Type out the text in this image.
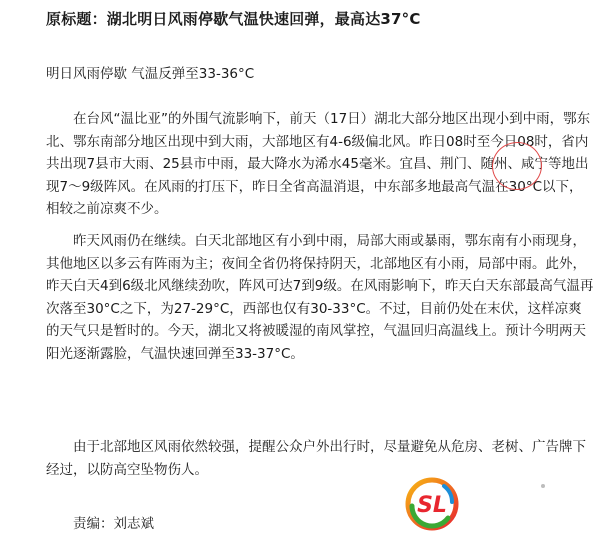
原标题：湖北明日风雨停歇气温快速回弹，最高达37°C
明日风雨停歇 气温反弹至33-36°C

在台风“温比亚”的外围气流影响下，前天（17日）湖北大部分地区出现小到中雨，鄂东北、鄂东南部分地区出现中到大雨，大部地区有4-6级偏北风。昨日08时至今日08时，省内共出现7县市大雨、25县市中雨，最大降水为浠水45毫米。宜昌、荆门、随州、咸宁等地出现7～9级阵风。在风雨的打压下，昨日全省高温消退，中东部多地最高气温在30°C以下，相较之前凉爽不少。

昨天风雨仍在继续。白天北部地区有小到中雨，局部大雨或暴雨，鄂东南有小雨现身，其他地区以多云有阵雨为主；夜间全省仍将保持阴天，北部地区有小雨，局部中雨。此外，昨天白天4到6级北风继续劲吹，阵风可达7到9级。在风雨影响下，昨天白天东部最高气温再次落至30°C之下，为27-29°C，西部也仅有30-33°C。不过，目前仍处在末伏，这样凉爽的天气只是暂时的。今天，湖北又将被暖湿的南风掌控，气温回归高温线上。预计今明两天阳光逐渐露脸，气温快速回弹至33-37°C。

由于北部地区风雨依然较强，提醒公众户外出行时，尽量避免从危房、老树、广告牌下经过，以防高空坠物伤人。

责编：刘志斌
SL
